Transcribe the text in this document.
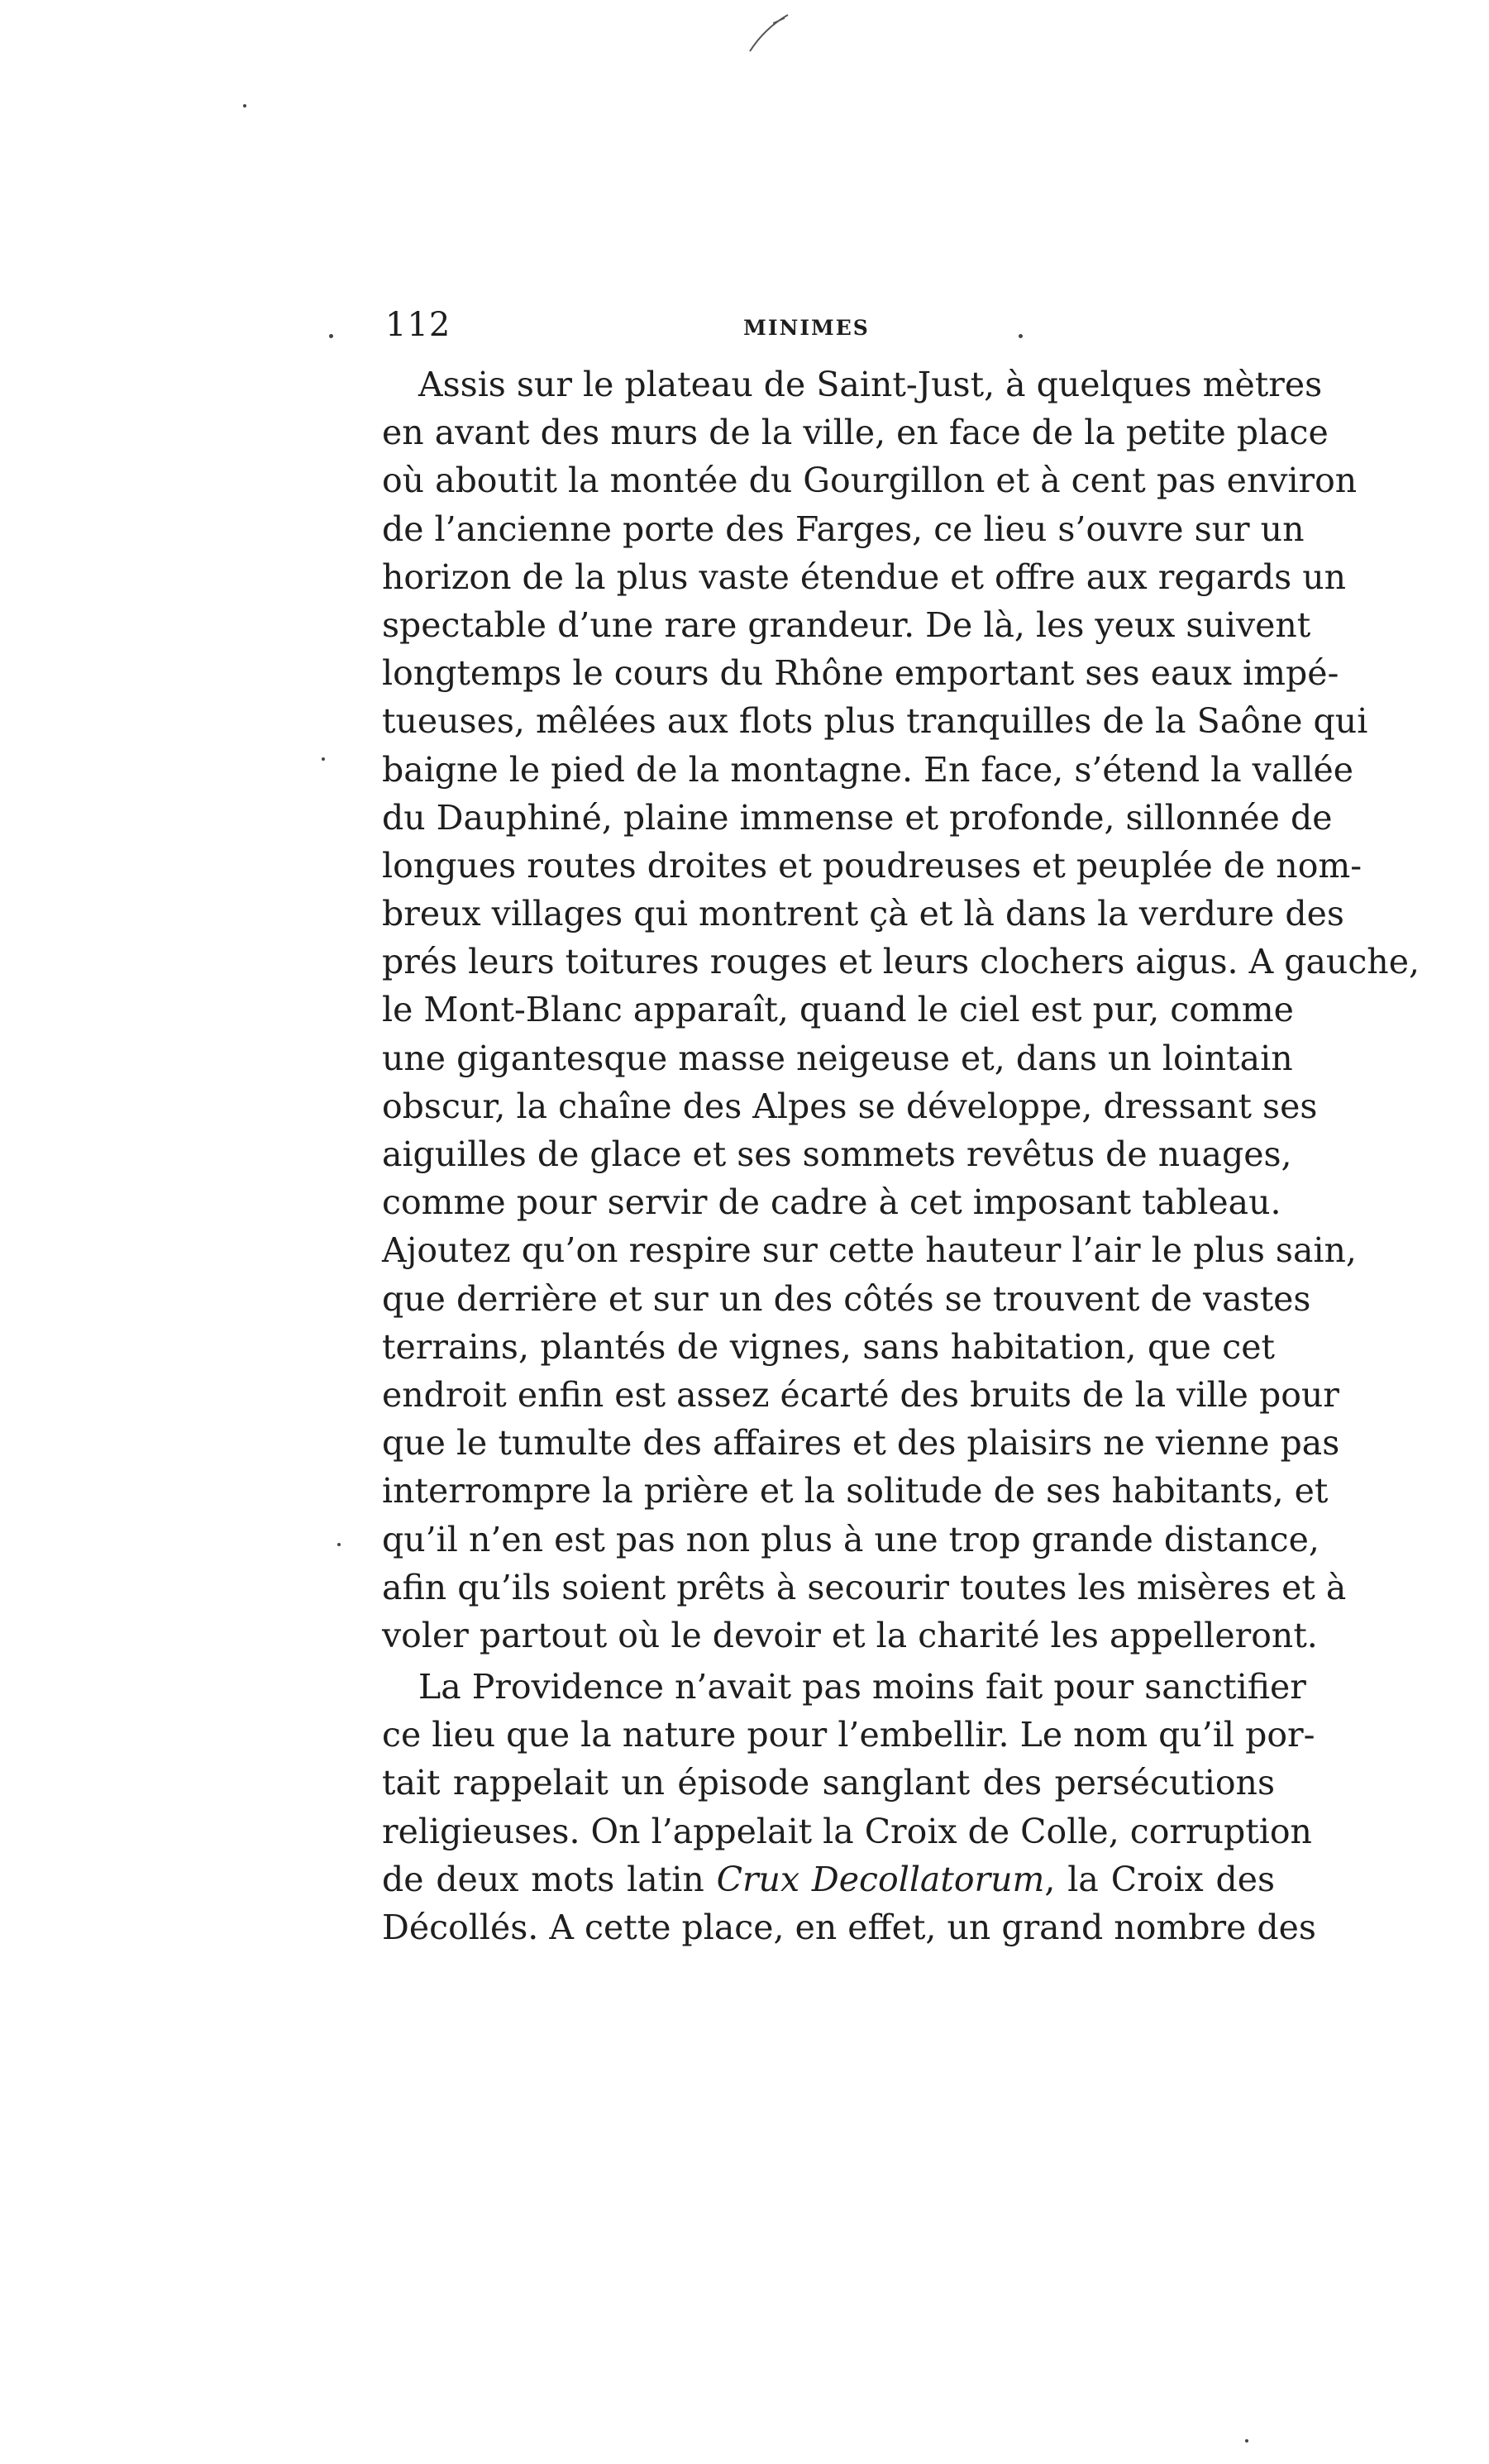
112	MINIMES
Assis sur le plateau de Saint-Just, à quelques mètres
en avant des murs de la ville, en face de la petite place
où aboutit la montée du Gourgillon et à cent pas environ
de l’ancienne porte des Farges, ce lieu s’ouvre sur un
horizon de la plus vaste étendue et offre aux regards un
spectable d’une rare grandeur. De là, les yeux suivent
longtemps le cours du Rhône emportant ses eaux impé-
tueuses, mêlées aux flots plus tranquilles de la Saône qui
baigne le pied de la montagne. En face, s’étend la vallée
du Dauphiné, plaine immense et profonde, sillonnée de
longues routes droites et poudreuses et peuplée de nom-
breux villages qui montrent çà et là dans la verdure des
prés leurs toitures rouges et leurs clochers aigus. A gauche,
le Mont-Blanc apparaît, quand le ciel est pur, comme
une gigantesque masse neigeuse et, dans un lointain
obscur, la chaîne des Alpes se développe, dressant ses
aiguilles de glace et ses sommets revêtus de nuages,
comme pour servir de cadre à cet imposant tableau.
Ajoutez qu’on respire sur cette hauteur l’air le plus sain,
que derrière et sur un des côtés se trouvent de vastes
terrains, plantés de vignes, sans habitation, que cet
endroit enfin est assez écarté des bruits de la ville pour
que le tumulte des affaires et des plaisirs ne vienne pas
interrompre la prière et la solitude de ses habitants, et
qu’il n’en est pas non plus à une trop grande distance,
afin qu’ils soient prêts à secourir toutes les misères et à
voler partout où le devoir et la charité les appelleront.
La Providence n’avait pas moins fait pour sanctifier
ce lieu que la nature pour l’embellir. Le nom qu’il por-
tait rappelait un épisode sanglant des persécutions
religieuses. On l’appelait la Croix de Colle, corruption
de deux mots latin Crux Decollatorum, la Croix des
Décollés. A cette place, en effet, un grand nombre des
